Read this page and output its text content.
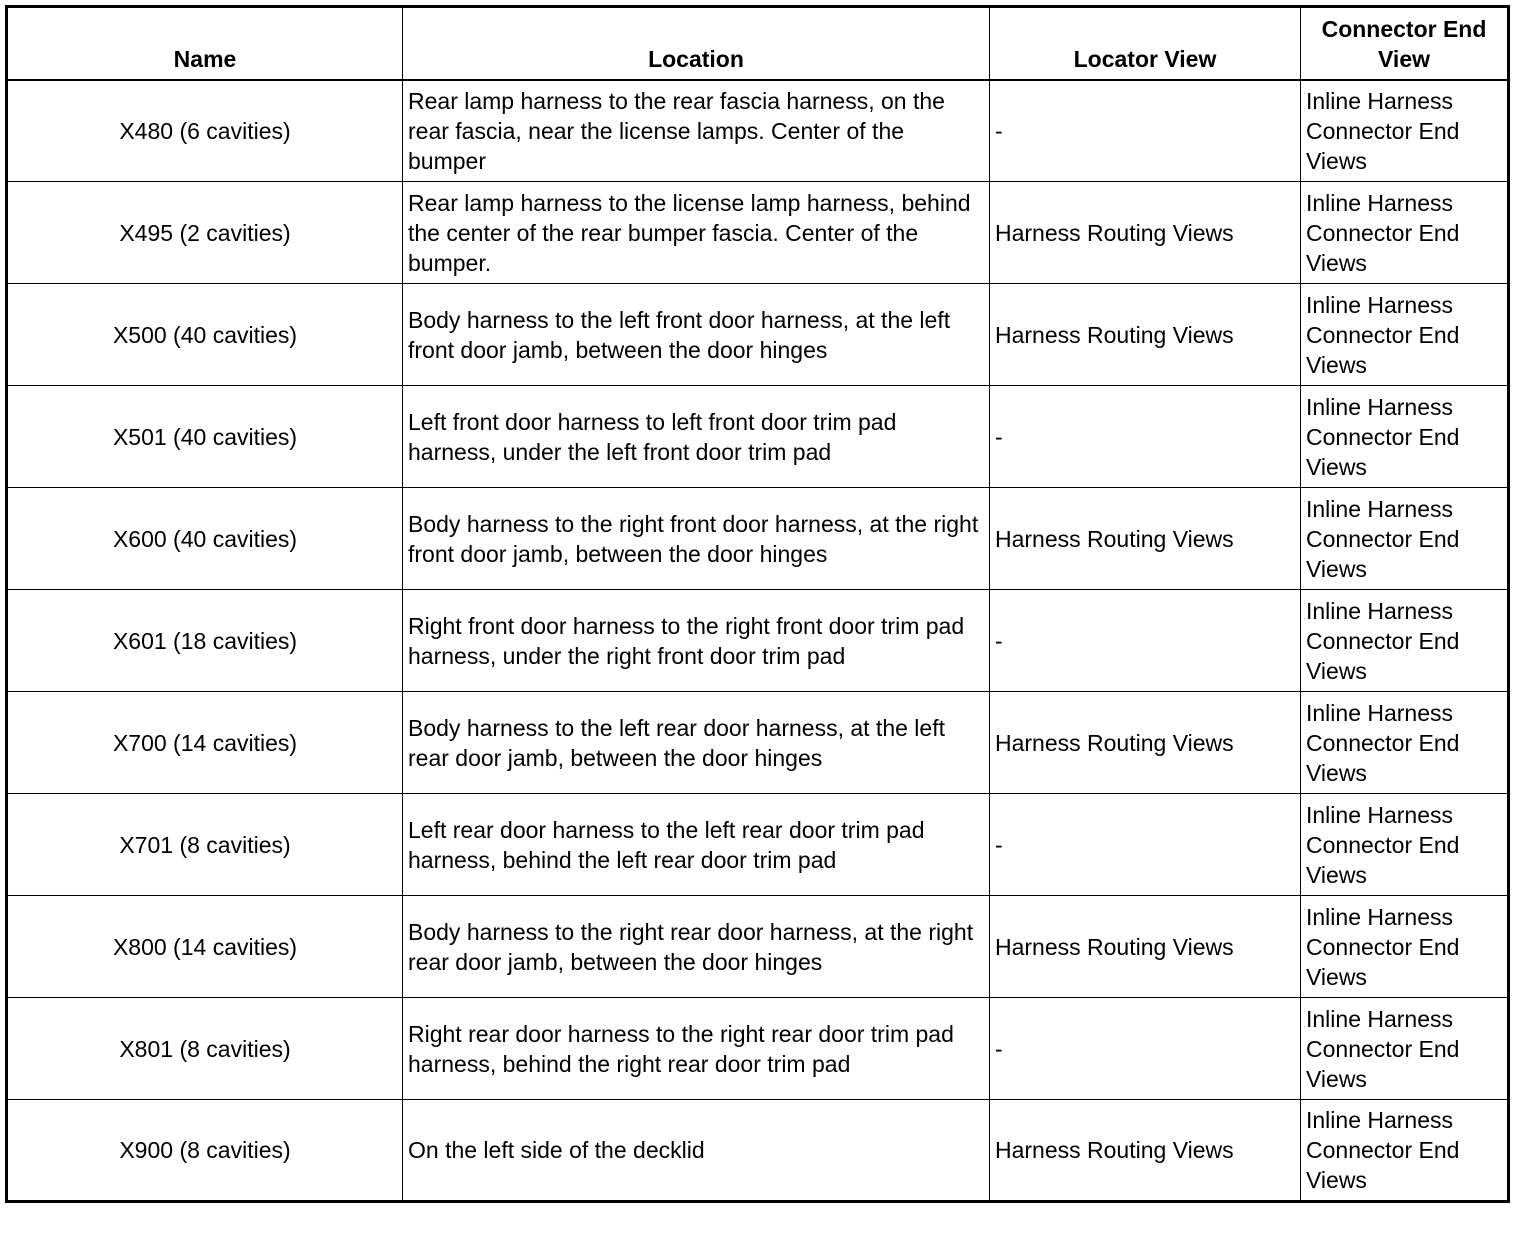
Name	Location	Locator View	Connector End View
X480 (6 cavities)	Rear lamp harness to the rear fascia harness, on the rear fascia, near the license lamps. Center of the bumper	-	Inline Harness Connector End Views
X495 (2 cavities)	Rear lamp harness to the license lamp harness, behind the center of the rear bumper fascia. Center of the bumper.	Harness Routing Views	Inline Harness Connector End Views
X500 (40 cavities)	Body harness to the left front door harness, at the left front door jamb, between the door hinges	Harness Routing Views	Inline Harness Connector End Views
X501 (40 cavities)	Left front door harness to left front door trim pad harness, under the left front door trim pad	-	Inline Harness Connector End Views
X600 (40 cavities)	Body harness to the right front door harness, at the right front door jamb, between the door hinges	Harness Routing Views	Inline Harness Connector End Views
X601 (18 cavities)	Right front door harness to the right front door trim pad harness, under the right front door trim pad	-	Inline Harness Connector End Views
X700 (14 cavities)	Body harness to the left rear door harness, at the left rear door jamb, between the door hinges	Harness Routing Views	Inline Harness Connector End Views
X701 (8 cavities)	Left rear door harness to the left rear door trim pad harness, behind the left rear door trim pad	-	Inline Harness Connector End Views
X800 (14 cavities)	Body harness to the right rear door harness, at the right rear door jamb, between the door hinges	Harness Routing Views	Inline Harness Connector End Views
X801 (8 cavities)	Right rear door harness to the right rear door trim pad harness, behind the right rear door trim pad	-	Inline Harness Connector End Views
X900 (8 cavities)	On the left side of the decklid	Harness Routing Views	Inline Harness Connector End Views
